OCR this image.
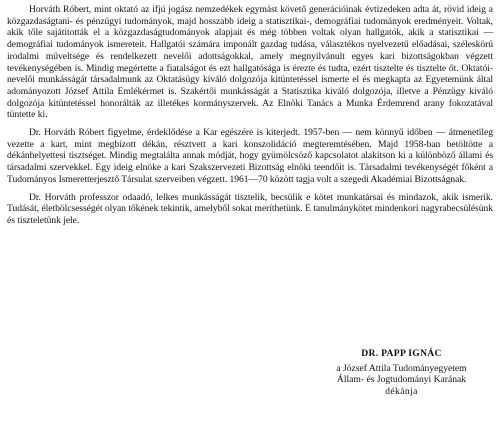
Horváth Róbert, mint oktató az ifjú jogász nemzedékek egymást követő generációinak évtizedeken adta át, rövid ideig a közgazdaságtani- és pénzügyi tudományok, majd hosszabb ideig a statisztikai-, demográfiai tudományok eredményeit. Voltak, akik tőle sajátították el a közgazdaságtudományok alapjait és még többen voltak olyan hallgatók, akik a statisztikai — demográfiai tudományok ismereteit. Hallgatói számára imponált gazdag tudása, választékos nyelvezetű előadásai, széleskörű irodalmi műveltsége és rendelkezett nevelői adottságokkal, amely megnyilvánult egyes kari bizottságokban végzett tevékenységében is. Mindig megértette a fiatalságot és ezt hallgatósága is érezte és tudta, ezért tisztelte és tisztelte őt. Oktatói-nevelői munkásságát társadalmunk az Oktatásügy kiváló dolgozója kitüntetéssel ismerte el és megkapta az Egyetemünk által adományozott József Attila Emlékérmet is. Szakértői munkásságát a Statisztika kiváló dolgozója, illetve a Pénzügy kiváló dolgozója kitüntetéssel honorálták az illetékes kormányszervek. Az Elnöki Tanács a Munka Érdemrend arany fokozatával tüntette ki.

Dr. Horváth Róbert figyelme, érdeklődése a Kar egészére is kiterjedt. 1957-ben — nem könnyű időben — átmenetileg vezette a kart, mint megbízott dékán, résztvett a kari konszolidáció megteremtésében. Majd 1958-ban betöltötte a dékánhelyettesi tisztséget. Mindig megtalálta annak módját, hogy gyümölcsöző kapcsolatot alakítson ki a különböző állami és társadalmi szervekkel. Egy ideig elnöke a kari Szakszervezeti Bizottság elnöki teendőit is. Társadalmi tevékenységét főként a Tudományos Ismeretterjesztő Társulat szerveiben végzett. 1961—70 között tagja volt a szegedi Akadémiai Bizottságnak.

Dr. Horváth professzor odaadó, lelkes munkásságát tisztelik, becsülik e kötet munkatársai és mindazok, akik ismerik. Tudását, életbölcsességét olyan tőkének tekintik, amelyből sokat meríthetünk. E tanulmánykötet mindenkori nagyrabecsülésünk és tiszteletünk jele.

DR. PAPP IGNÁC
a József Attila Tudományegyetem
Állam- és Jogtudományi Karának
dékánja
